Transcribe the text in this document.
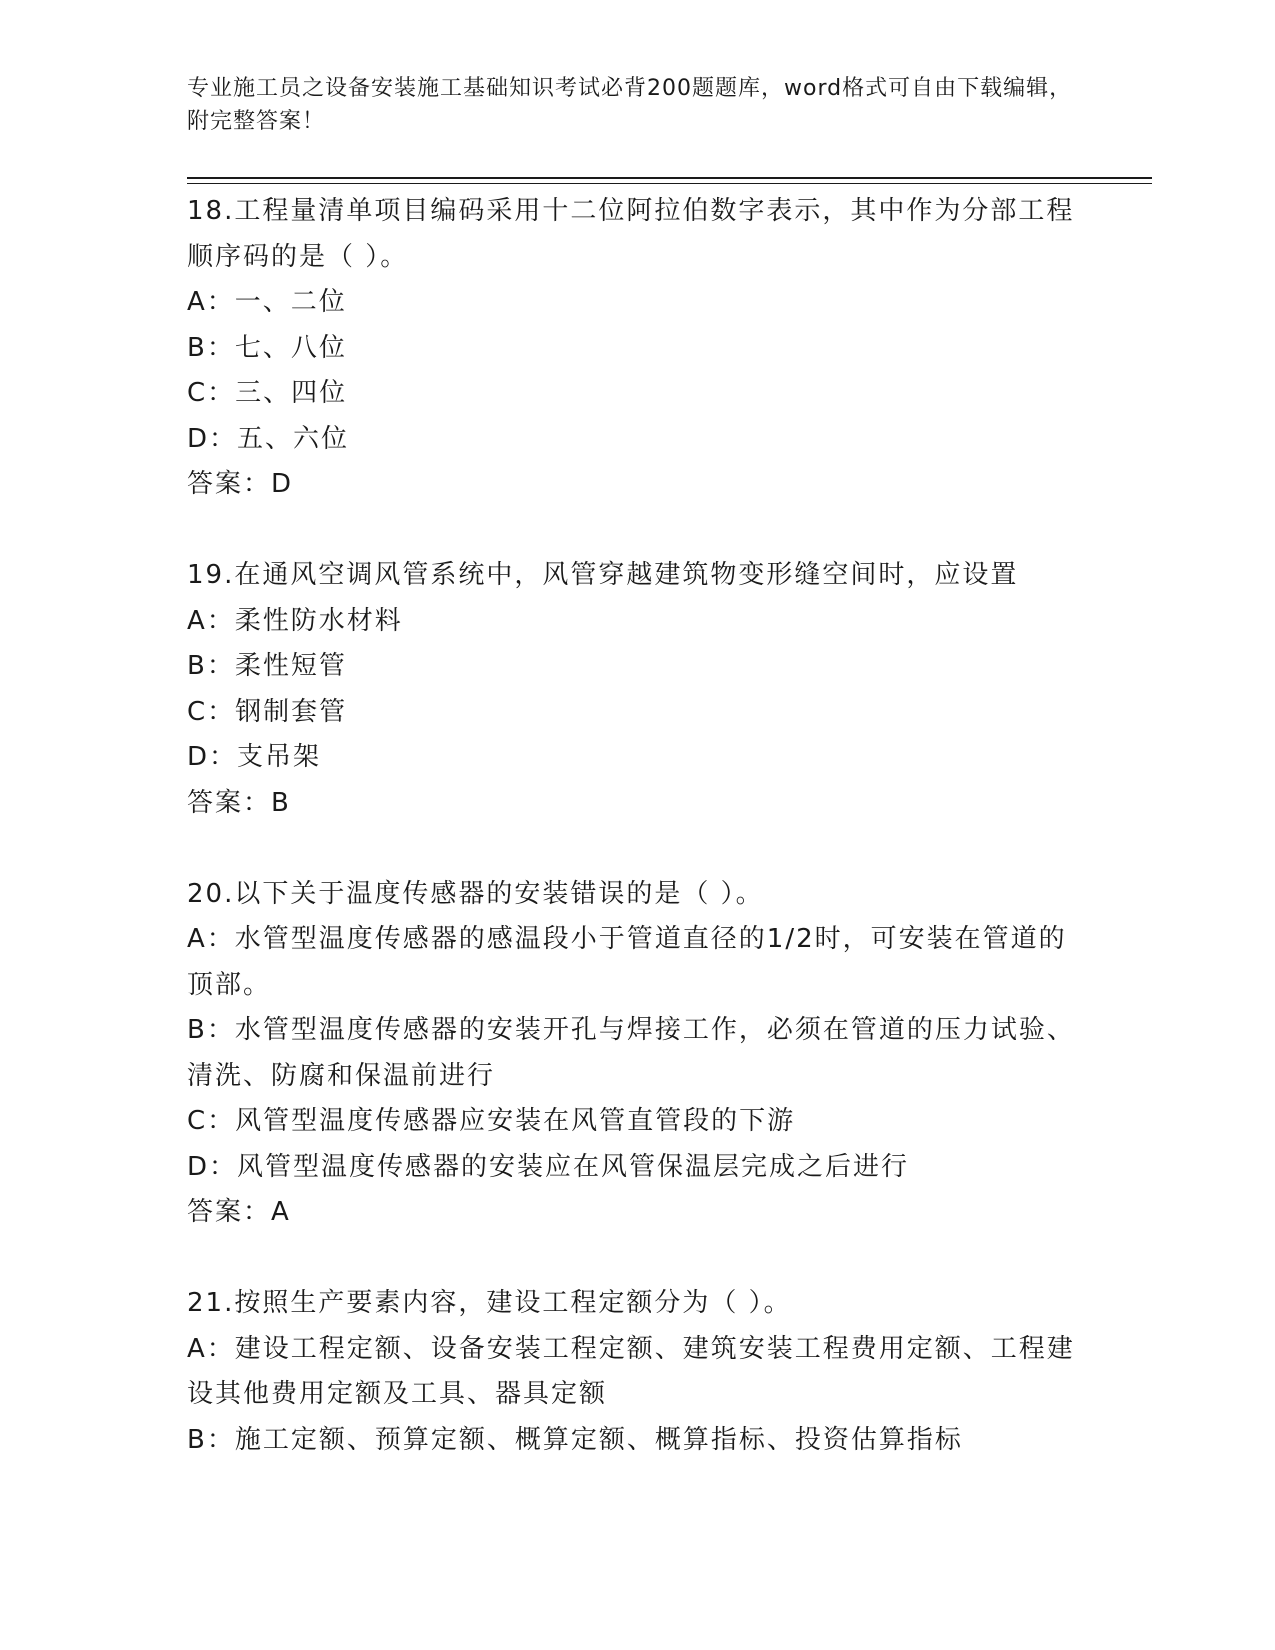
专业施工员之设备安装施工基础知识考试必背200题题库，word格式可自由下载编辑，附完整答案！
18.工程量清单项目编码采用十二位阿拉伯数字表示，其中作为分部工程顺序码的是（ ）。
A：一、二位
B：七、八位
C：三、四位
D：五、六位
答案：D
19.在通风空调风管系统中，风管穿越建筑物变形缝空间时，应设置
A：柔性防水材料
B：柔性短管
C：钢制套管
D：支吊架
答案：B
20.以下关于温度传感器的安装错误的是（ ）。
A：水管型温度传感器的感温段小于管道直径的1/2时，可安装在管道的顶部。
B：水管型温度传感器的安装开孔与焊接工作，必须在管道的压力试验、清洗、防腐和保温前进行
C：风管型温度传感器应安装在风管直管段的下游
D：风管型温度传感器的安装应在风管保温层完成之后进行
答案：A
21.按照生产要素内容，建设工程定额分为（ ）。
A：建设工程定额、设备安装工程定额、建筑安装工程费用定额、工程建设其他费用定额及工具、器具定额
B：施工定额、预算定额、概算定额、概算指标、投资估算指标
